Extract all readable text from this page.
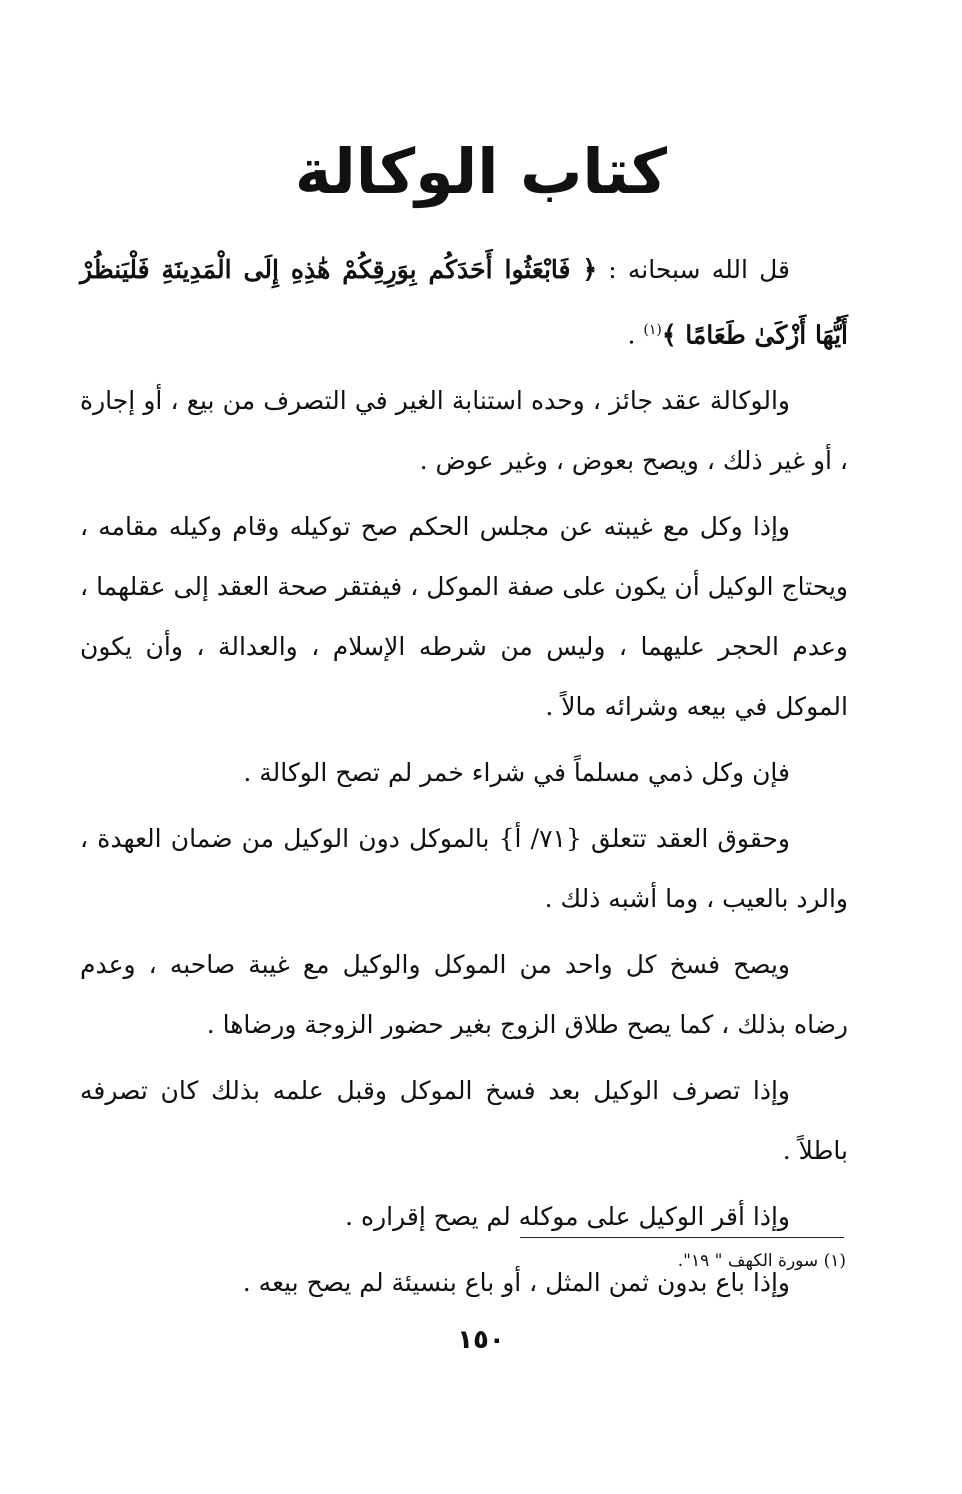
كتاب الوكالة

قل الله سبحانه : ﴿ فَابْعَثُوا أَحَدَكُم بِوَرِقِكُمْ هَٰذِهِ إِلَى الْمَدِينَةِ فَلْيَنظُرْ أَيُّهَا أَزْكَىٰ طَعَامًا ﴾$^{(١)}$ .

والوكالة عقد جائز ، وحده استنابة الغير في التصرف من بيع ، أو إجارة ، أو غير ذلك ، ويصح بعوض ، وغير عوض .

وإذا وكل مع غيبته عن مجلس الحكم صح توكيله وقام وكيله مقامه ، ويحتاج الوكيل أن يكون على صفة الموكل ، فيفتقر صحة العقد إلى عقلهما ، وعدم الحجر عليهما ، وليس من شرطه الإسلام ، والعدالة ، وأن يكون الموكل في بيعه وشرائه مالاً .

فإن وكل ذمي مسلماً في شراء خمر لم تصح الوكالة .

وحقوق العقد تتعلق {٧١/ أ} بالموكل دون الوكيل من ضمان العهدة ، والرد بالعيب ، وما أشبه ذلك .

ويصح فسخ كل واحد من الموكل والوكيل مع غيبة صاحبه ، وعدم رضاه بذلك ، كما يصح طلاق الزوج بغير حضور الزوجة ورضاها .

وإذا تصرف الوكيل بعد فسخ الموكل وقبل علمه بذلك كان تصرفه باطلاً .

وإذا أقر الوكيل على موكله لم يصح إقراره .

وإذا باع بدون ثمن المثل ، أو باع بنسيئة لم يصح بيعه .

(١) سورة الكهف " ١٩".
١٥٠
